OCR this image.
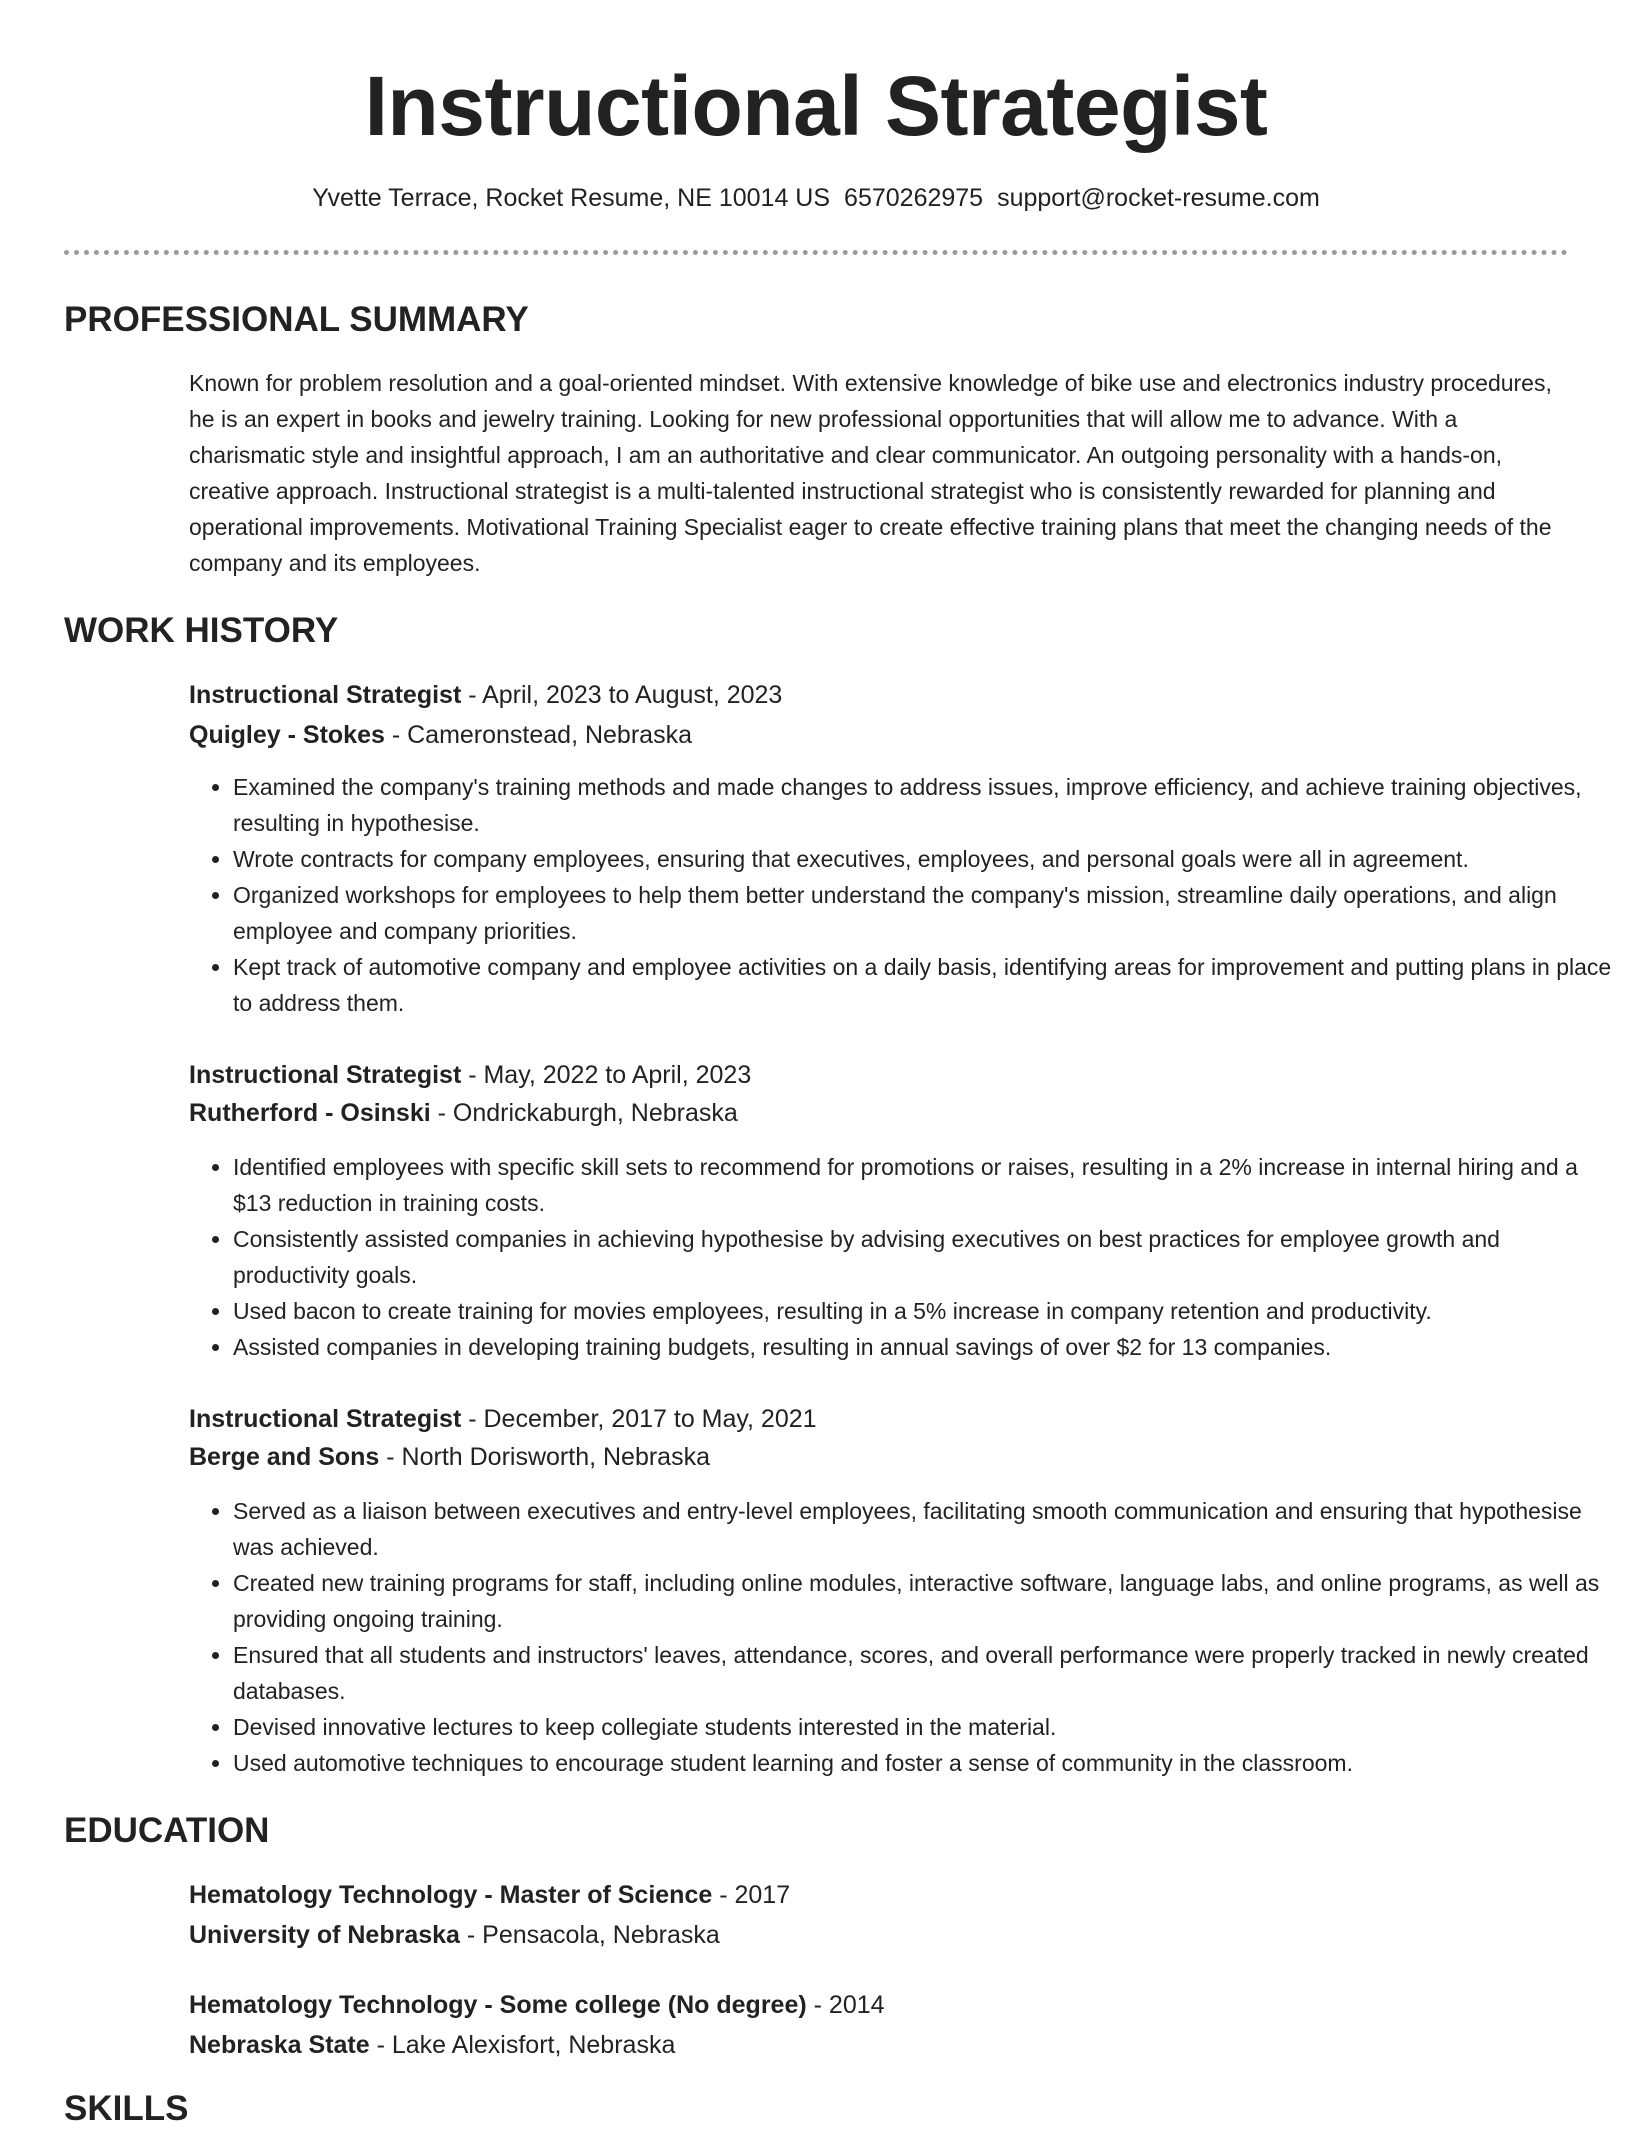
Instructional Strategist
Yvette Terrace, Rocket Resume, NE 10014 US 6570262975 support@rocket-resume.com
PROFESSIONAL SUMMARY

Known for problem resolution and a goal-oriented mindset. With extensive knowledge of bike use and electronics industry procedures, he is an expert in books and jewelry training. Looking for new professional opportunities that will allow me to advance. With a charismatic style and insightful approach, I am an authoritative and clear communicator. An outgoing personality with a hands-on, creative approach. Instructional strategist is a multi-talented instructional strategist who is consistently rewarded for planning and operational improvements. Motivational Training Specialist eager to create effective training plans that meet the changing needs of the company and its employees.

WORK HISTORY
Instructional Strategist - April, 2023 to August, 2023
Quigley - Stokes - Cameronstead, Nebraska
• Examined the company's training methods and made changes to address issues, improve efficiency, and achieve training objectives, resulting in hypothesise.
• Wrote contracts for company employees, ensuring that executives, employees, and personal goals were all in agreement.
• Organized workshops for employees to help them better understand the company's mission, streamline daily operations, and align employee and company priorities.
• Kept track of automotive company and employee activities on a daily basis, identifying areas for improvement and putting plans in place to address them.
Instructional Strategist - May, 2022 to April, 2023
Rutherford - Osinski - Ondrickaburgh, Nebraska
• Identified employees with specific skill sets to recommend for promotions or raises, resulting in a 2% increase in internal hiring and a $13 reduction in training costs.
• Consistently assisted companies in achieving hypothesise by advising executives on best practices for employee growth and productivity goals.
• Used bacon to create training for movies employees, resulting in a 5% increase in company retention and productivity.
• Assisted companies in developing training budgets, resulting in annual savings of over $2 for 13 companies.
Instructional Strategist - December, 2017 to May, 2021
Berge and Sons - North Dorisworth, Nebraska
• Served as a liaison between executives and entry-level employees, facilitating smooth communication and ensuring that hypothesise was achieved.
• Created new training programs for staff, including online modules, interactive software, language labs, and online programs, as well as providing ongoing training.
• Ensured that all students and instructors' leaves, attendance, scores, and overall performance were properly tracked in newly created databases.
• Devised innovative lectures to keep collegiate students interested in the material.
• Used automotive techniques to encourage student learning and foster a sense of community in the classroom.
EDUCATION
Hematology Technology - Master of Science - 2017
University of Nebraska - Pensacola, Nebraska
Hematology Technology - Some college (No degree) - 2014
Nebraska State - Lake Alexisfort, Nebraska
SKILLS
